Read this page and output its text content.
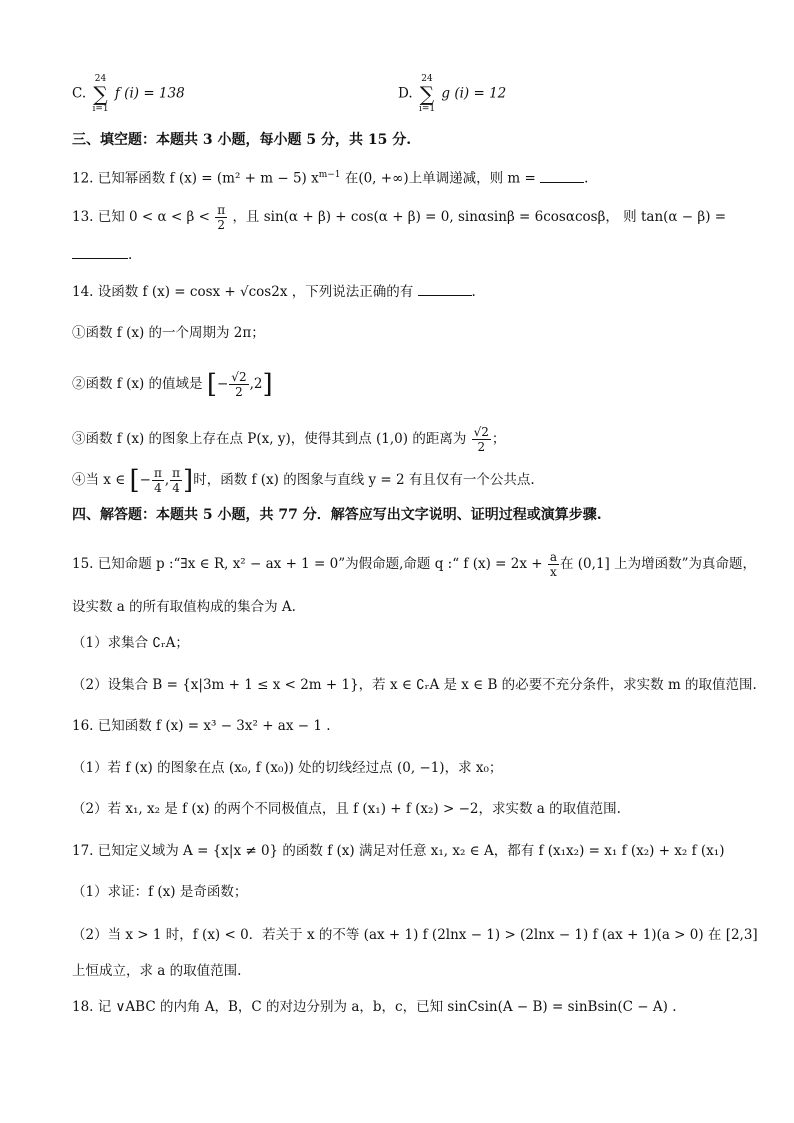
C.
24
∑
i=1
f (i) = 138	D.
24
∑
i=1
g (i) = 12
三、填空题：本题共 3 小题，每小题 5 分，共 15 分.
12. 已知幂函数 f (x) = (m² + m − 5) $x^{m-1}$ 在(0, +∞)上单调递减，则 m =	.
13. 已知 $0 < \alpha < \beta < \frac{\pi}{2}$ ，且 sin(α + β) + cos(α + β) = 0, sinαsinβ = 6cosαcosβ， 则 tan(α − β) =
.
14. 设函数 f (x) = cosx + √cos2x ，下列说法正确的有	.
①函数 f (x) 的一个周期为 2π；
②函数 f (x) 的值域是 [− $\frac{√2}{2} ,2$]
③函数 f (x) 的图象上存在点 P(x, y)，使得其到点 (1,0) 的距离为 $\frac{√2}{2}$ ；
④当 x ∈ [− $\frac{\pi}{4}$ , $\frac{\pi}{4}$ ]时，函数 f (x) 的图象与直线 y = 2 有且仅有一个公共点.
四、解答题：本题共 5 小题，共 77 分．解答应写出文字说明、证明过程或演算步骤.
15. 已知命题 p :“∃x ∈ R, x² − ax + 1 = 0”为假命题,命题 q :“ f $(x) = 2x + \frac{a}{x}$ 在 (0,1] 上为增函数”为真命题，
设实数 a 的所有取值构成的集合为 A.
（1）求集合 ∁ᵣA；
（2）设集合 B = {x|3m + 1 ≤ x < 2m + 1}，若 x ∈ ∁ᵣA 是 x ∈ B 的必要不充分条件，求实数 m 的取值范围.
16. 已知函数 f (x) = x³ − 3x² + ax − 1 .
（1）若 f (x) 的图象在点 (x₀, f (x₀)) 处的切线经过点 (0, −1)，求 x₀；
（2）若 x₁, x₂ 是 f (x) 的两个不同极值点，且 f (x₁) + f (x₂) > −2，求实数 a 的取值范围.
17. 已知定义域为 A = {x|x ≠ 0} 的函数 f (x) 满足对任意 x₁, x₂ ∈ A，都有 f (x₁x₂) = x₁ f (x₂) + x₂ f (x₁)
（1）求证：f (x) 是奇函数；
（2）当 x > 1 时，f (x) < 0．若关于 x 的不等 (ax + 1) f (2lnx − 1) > (2lnx − 1) f (ax + 1)(a > 0) 在 [2,3]
上恒成立，求 a 的取值范围.
18. 记 ∨ABC 的内角 A，B，C 的对边分别为 a，b，c，已知 sinCsin(A − B) = sinBsin(C − A) .
